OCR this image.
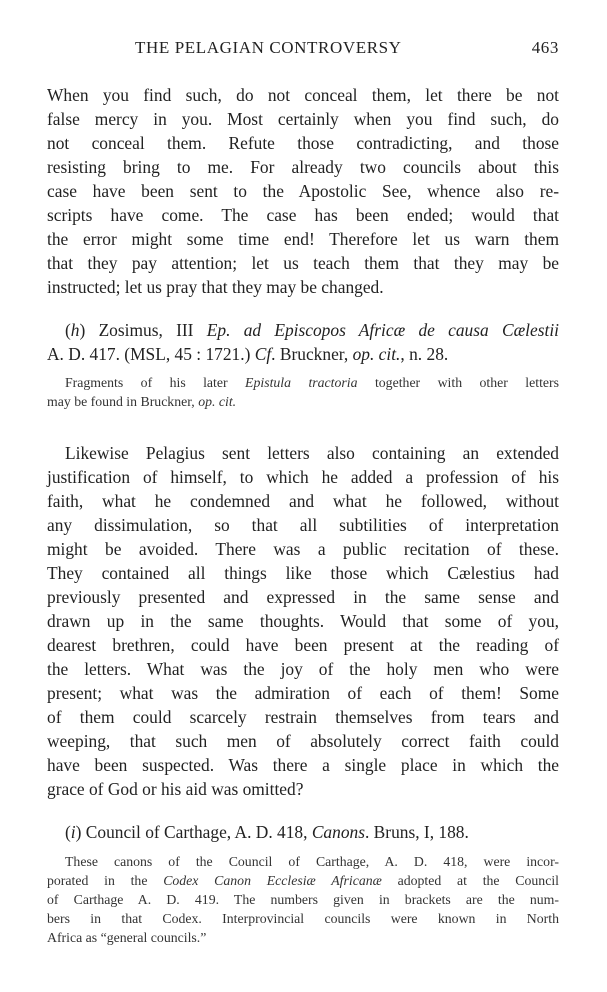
THE PELAGIAN CONTROVERSY	463
When you find such, do not conceal them, let there be not
false mercy in you. Most certainly when you find such, do
not conceal them. Refute those contradicting, and those
resisting bring to me. For already two councils about this
case have been sent to the Apostolic See, whence also re-
scripts have come. The case has been ended; would that
the error might some time end! Therefore let us warn them
that they pay attention; let us teach them that they may be
instructed; let us pray that they may be changed.
(h) Zosimus, III Ep. ad Episcopos Africæ de causa Cælestii
A. D. 417. (MSL, 45 : 1721.) Cf. Bruckner, op. cit., n. 28.
Fragments of his later Epistula tractoria together with other letters
may be found in Bruckner, op. cit.
Likewise Pelagius sent letters also containing an extended
justification of himself, to which he added a profession of his
faith, what he condemned and what he followed, without
any dissimulation, so that all subtilities of interpretation
might be avoided. There was a public recitation of these.
They contained all things like those which Cælestius had
previously presented and expressed in the same sense and
drawn up in the same thoughts. Would that some of you,
dearest brethren, could have been present at the reading of
the letters. What was the joy of the holy men who were
present; what was the admiration of each of them! Some
of them could scarcely restrain themselves from tears and
weeping, that such men of absolutely correct faith could
have been suspected. Was there a single place in which the
grace of God or his aid was omitted?
(i) Council of Carthage, A. D. 418, Canons. Bruns, I, 188.
These canons of the Council of Carthage, A. D. 418, were incor-
porated in the Codex Canon Ecclesiæ Africanæ adopted at the Council
of Carthage A. D. 419. The numbers given in brackets are the num-
bers in that Codex. Interprovincial councils were known in North
Africa as “general councils.”
